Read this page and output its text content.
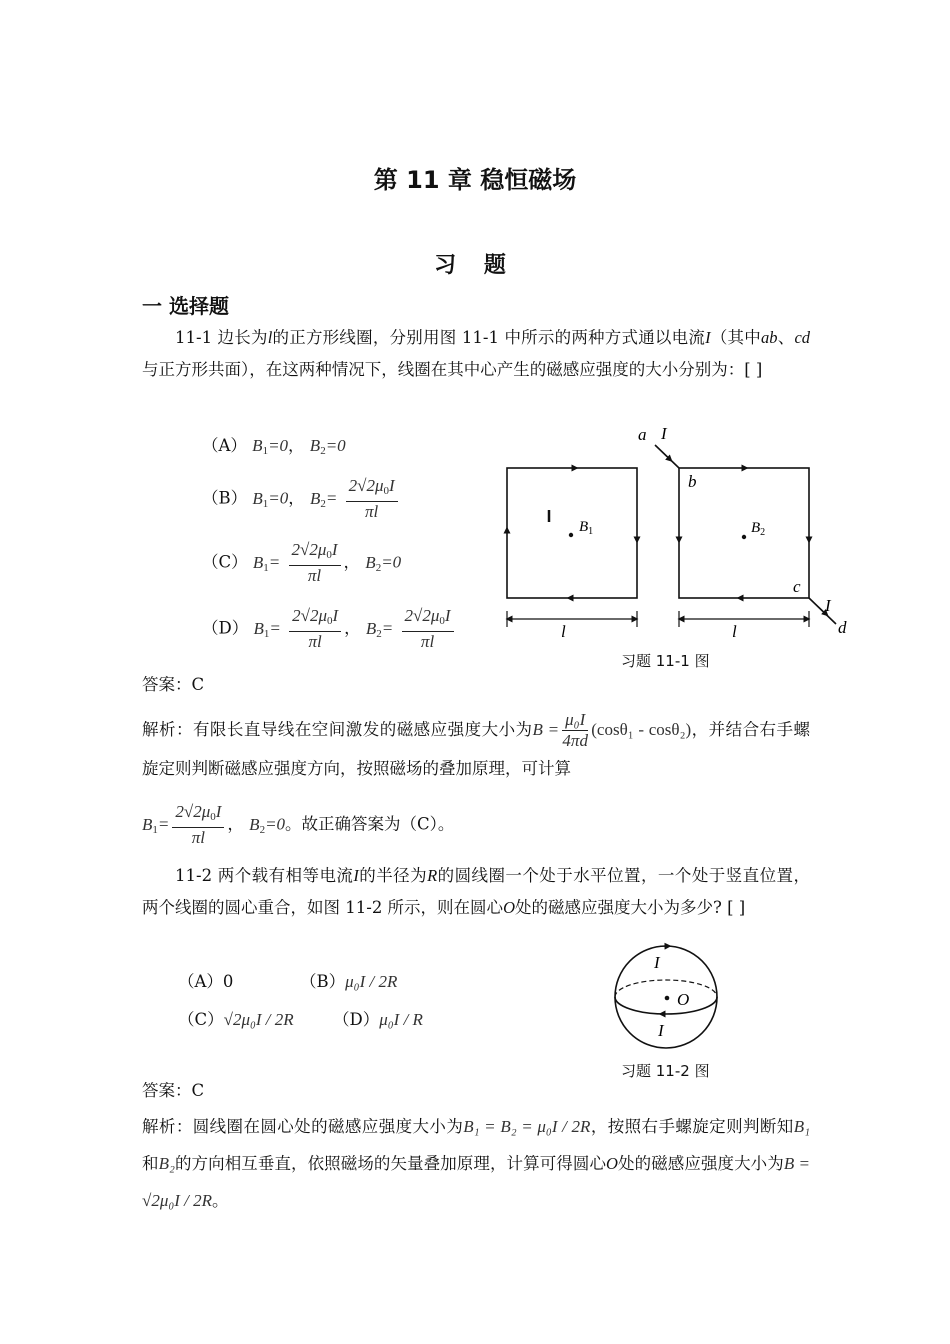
第 11 章 稳恒磁场
习 题
一 选择题
11-1 边长为l的正方形线圈，分别用图 11-1 中所示的两种方式通以电流I（其中ab、cd与正方形共面），在这两种情况下，线圈在其中心产生的磁感应强度的大小分别为：[ ]
（A） $B_1=0$， $B_2=0$
（B） $B_1=0$， $B_2= \frac{2√2\mu_0I}{\pi l}$
（C） $B_1= \frac{2√2\mu_0I}{\pi l}$ ， $B_2=0$
（D） $B_1= \frac{2√2\mu_0I}{\pi l}$ ， $B_2= \frac{2√2\mu_0I}{\pi l}$
$B_1$
l
$B_2$
a I
b
c
I
d
l
习题 11-1 图
答案：C
解析：有限长直导线在空间激发的磁感应强度大小为$B = \frac{\text{μ₀I}}{4\pi d} (\cos\theta_1 - \cos\theta_2)$，并结合右手螺旋定则判断磁感应强度方向，按照磁场的叠加原理，可计算
$B_1= \frac{2√2\mu_0I}{\pi l}$ ， $B_2=0$。故正确答案为（C）。
11-2 两个载有相等电流I的半径为R的圆线圈一个处于水平位置，一个处于竖直位置，两个线圈的圆心重合，如图 11-2 所示，则在圆心O处的磁感应强度大小为多少? [ ]
（A）0	（B）μ₀I / 2R
（C）√2μ₀I / 2R （D）μ₀I / R
I
O
I
习题 11-2 图
答案：C
解析：圆线圈在圆心处的磁感应强度大小为B₁ = B₂ = μ₀I / 2R，按照右手螺旋定则判断知B₁和B₂的方向相互垂直，依照磁场的矢量叠加原理，计算可得圆心O处的磁感应强度大小为B = √2μ₀I / 2R。
